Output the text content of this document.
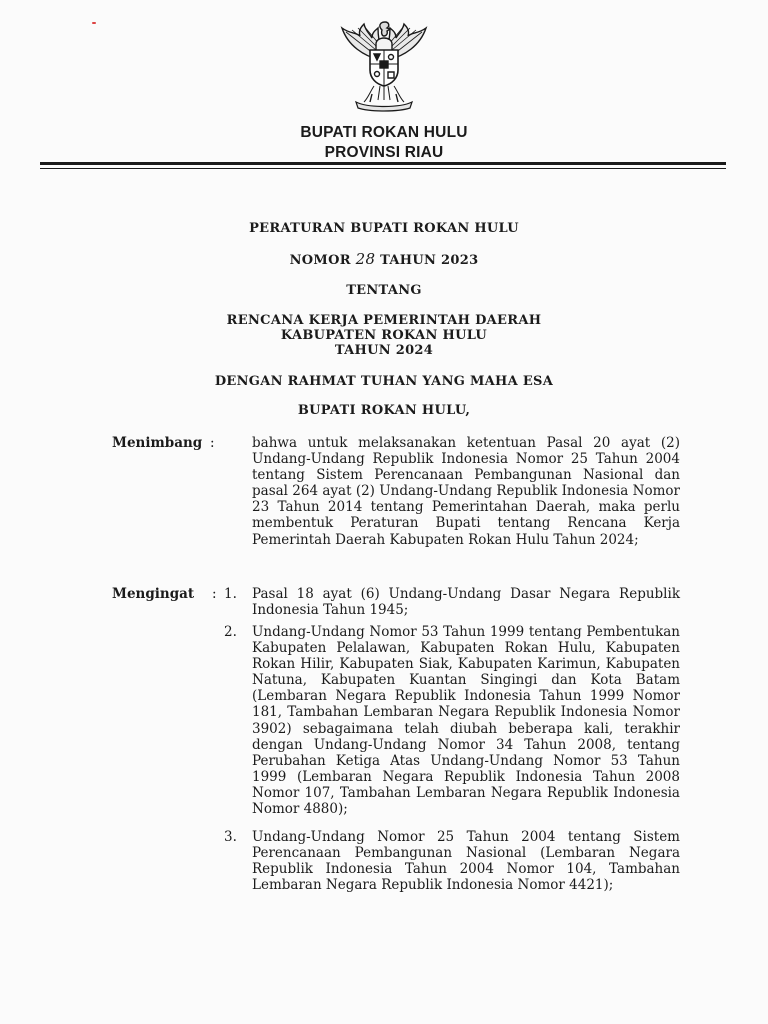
BUPATI ROKAN HULU
PROVINSI RIAU
PERATURAN BUPATI ROKAN HULU
NOMOR 28 TAHUN 2023
TENTANG
RENCANA KERJA PEMERINTAH DAERAH
KABUPATEN ROKAN HULU
TAHUN 2024
DENGAN RAHMAT TUHAN YANG MAHA ESA
BUPATI ROKAN HULU,
Menimbang :	bahwa untuk melaksanakan ketentuan Pasal 20 ayat (2) Undang-Undang Republik Indonesia Nomor 25 Tahun 2004 tentang Sistem Perencanaan Pembangunan Nasional dan pasal 264 ayat (2) Undang-Undang Republik Indonesia Nomor 23 Tahun 2014 tentang Pemerintahan Daerah, maka perlu membentuk Peraturan Bupati tentang Rencana Kerja Pemerintah Daerah Kabupaten Rokan Hulu Tahun 2024;

Mengingat : 1. Pasal 18 ayat (6) Undang-Undang Dasar Negara Republik Indonesia Tahun 1945;

2. Undang-Undang Nomor 53 Tahun 1999 tentang Pembentukan Kabupaten Pelalawan, Kabupaten Rokan Hulu, Kabupaten Rokan Hilir, Kabupaten Siak, Kabupaten Karimun, Kabupaten Natuna, Kabupaten Kuantan Singingi dan Kota Batam (Lembaran Negara Republik Indonesia Tahun 1999 Nomor 181, Tambahan Lembaran Negara Republik Indonesia Nomor 3902) sebagaimana telah diubah beberapa kali, terakhir dengan Undang-Undang Nomor 34 Tahun 2008, tentang Perubahan Ketiga Atas Undang-Undang Nomor 53 Tahun 1999 (Lembaran Negara Republik Indonesia Tahun 2008 Nomor 107, Tambahan Lembaran Negara Republik Indonesia Nomor 4880);

3. Undang-Undang Nomor 25 Tahun 2004 tentang Sistem Perencanaan Pembangunan Nasional (Lembaran Negara Republik Indonesia Tahun 2004 Nomor 104, Tambahan Lembaran Negara Republik Indonesia Nomor 4421);
